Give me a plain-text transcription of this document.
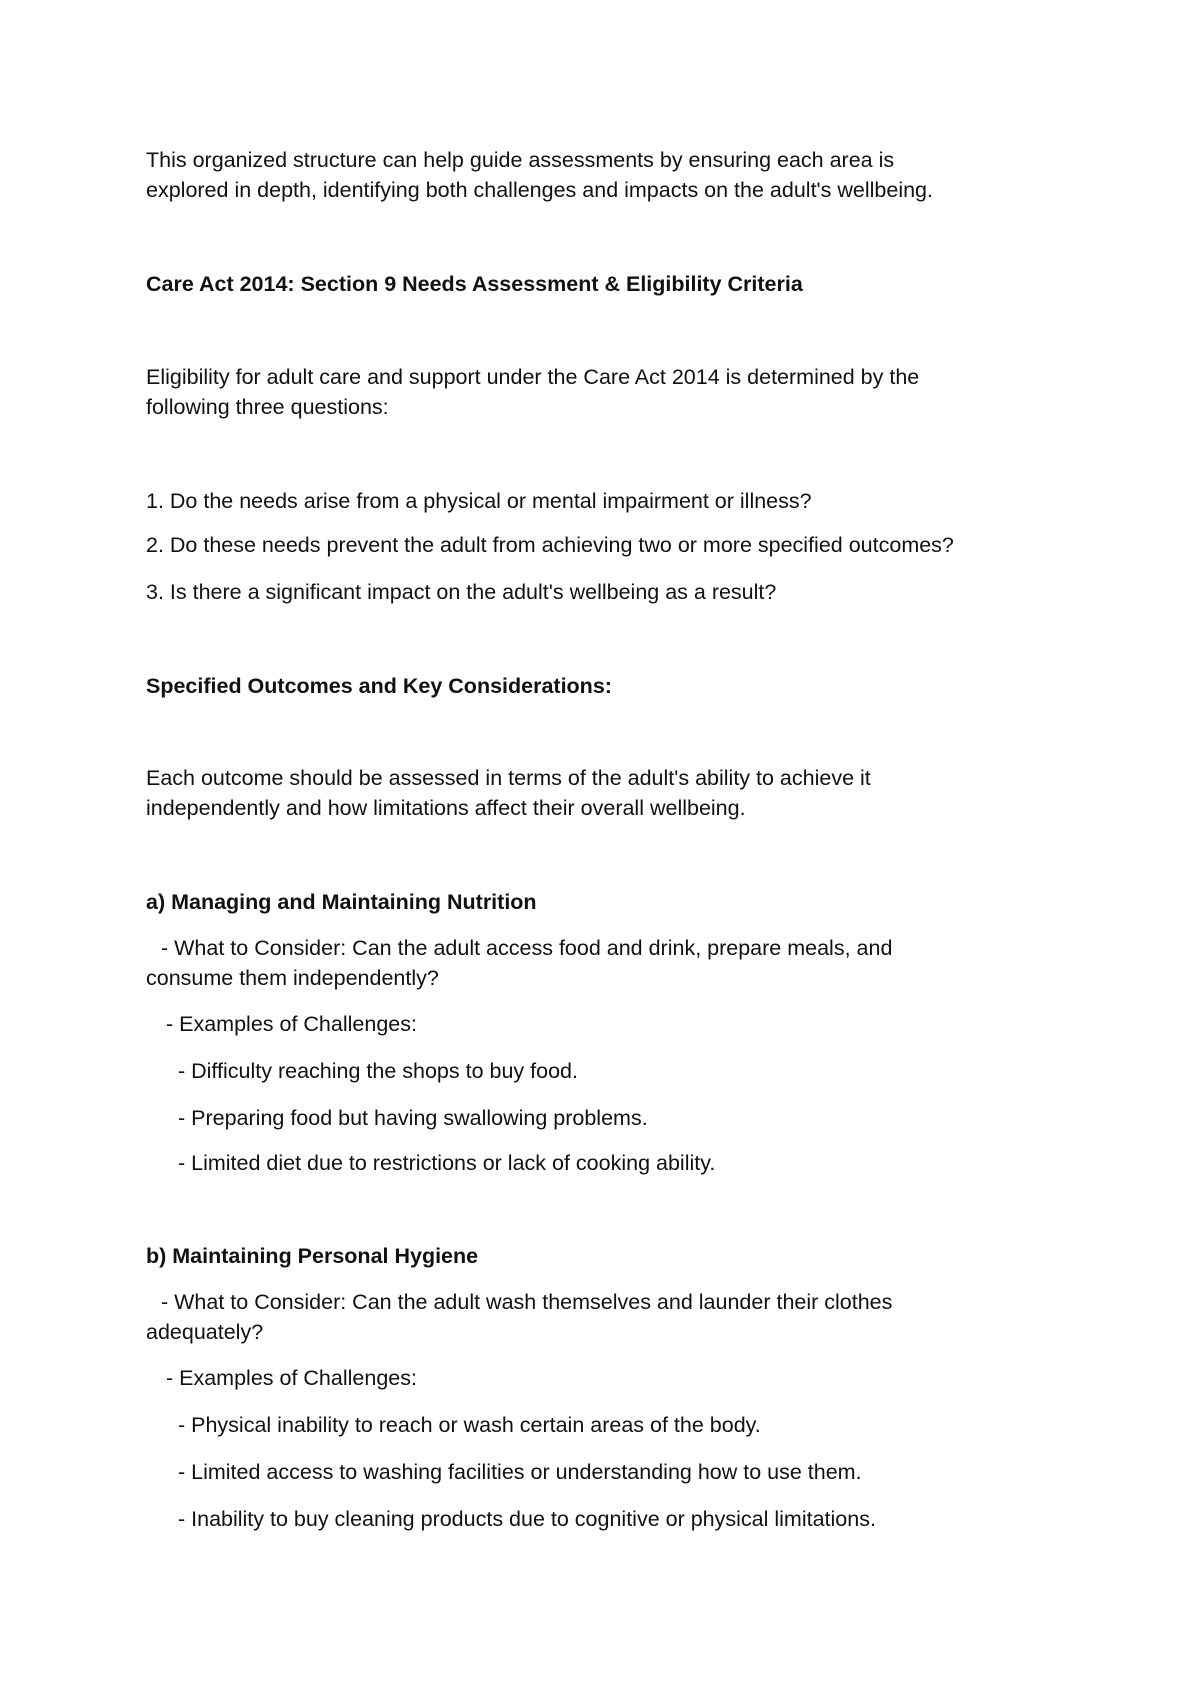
This organized structure can help guide assessments by ensuring each area is
explored in depth, identifying both challenges and impacts on the adult's wellbeing.
Care Act 2014: Section 9 Needs Assessment & Eligibility Criteria
Eligibility for adult care and support under the Care Act 2014 is determined by the
following three questions:
1. Do the needs arise from a physical or mental impairment or illness?
2. Do these needs prevent the adult from achieving two or more specified outcomes?
3. Is there a significant impact on the adult's wellbeing as a result?
Specified Outcomes and Key Considerations:
Each outcome should be assessed in terms of the adult's ability to achieve it
independently and how limitations affect their overall wellbeing.
a) Managing and Maintaining Nutrition
- What to Consider: Can the adult access food and drink, prepare meals, and
consume them independently?
- Examples of Challenges:
- Difficulty reaching the shops to buy food.
- Preparing food but having swallowing problems.
- Limited diet due to restrictions or lack of cooking ability.
b) Maintaining Personal Hygiene
- What to Consider: Can the adult wash themselves and launder their clothes
adequately?
- Examples of Challenges:
- Physical inability to reach or wash certain areas of the body.
- Limited access to washing facilities or understanding how to use them.
- Inability to buy cleaning products due to cognitive or physical limitations.
